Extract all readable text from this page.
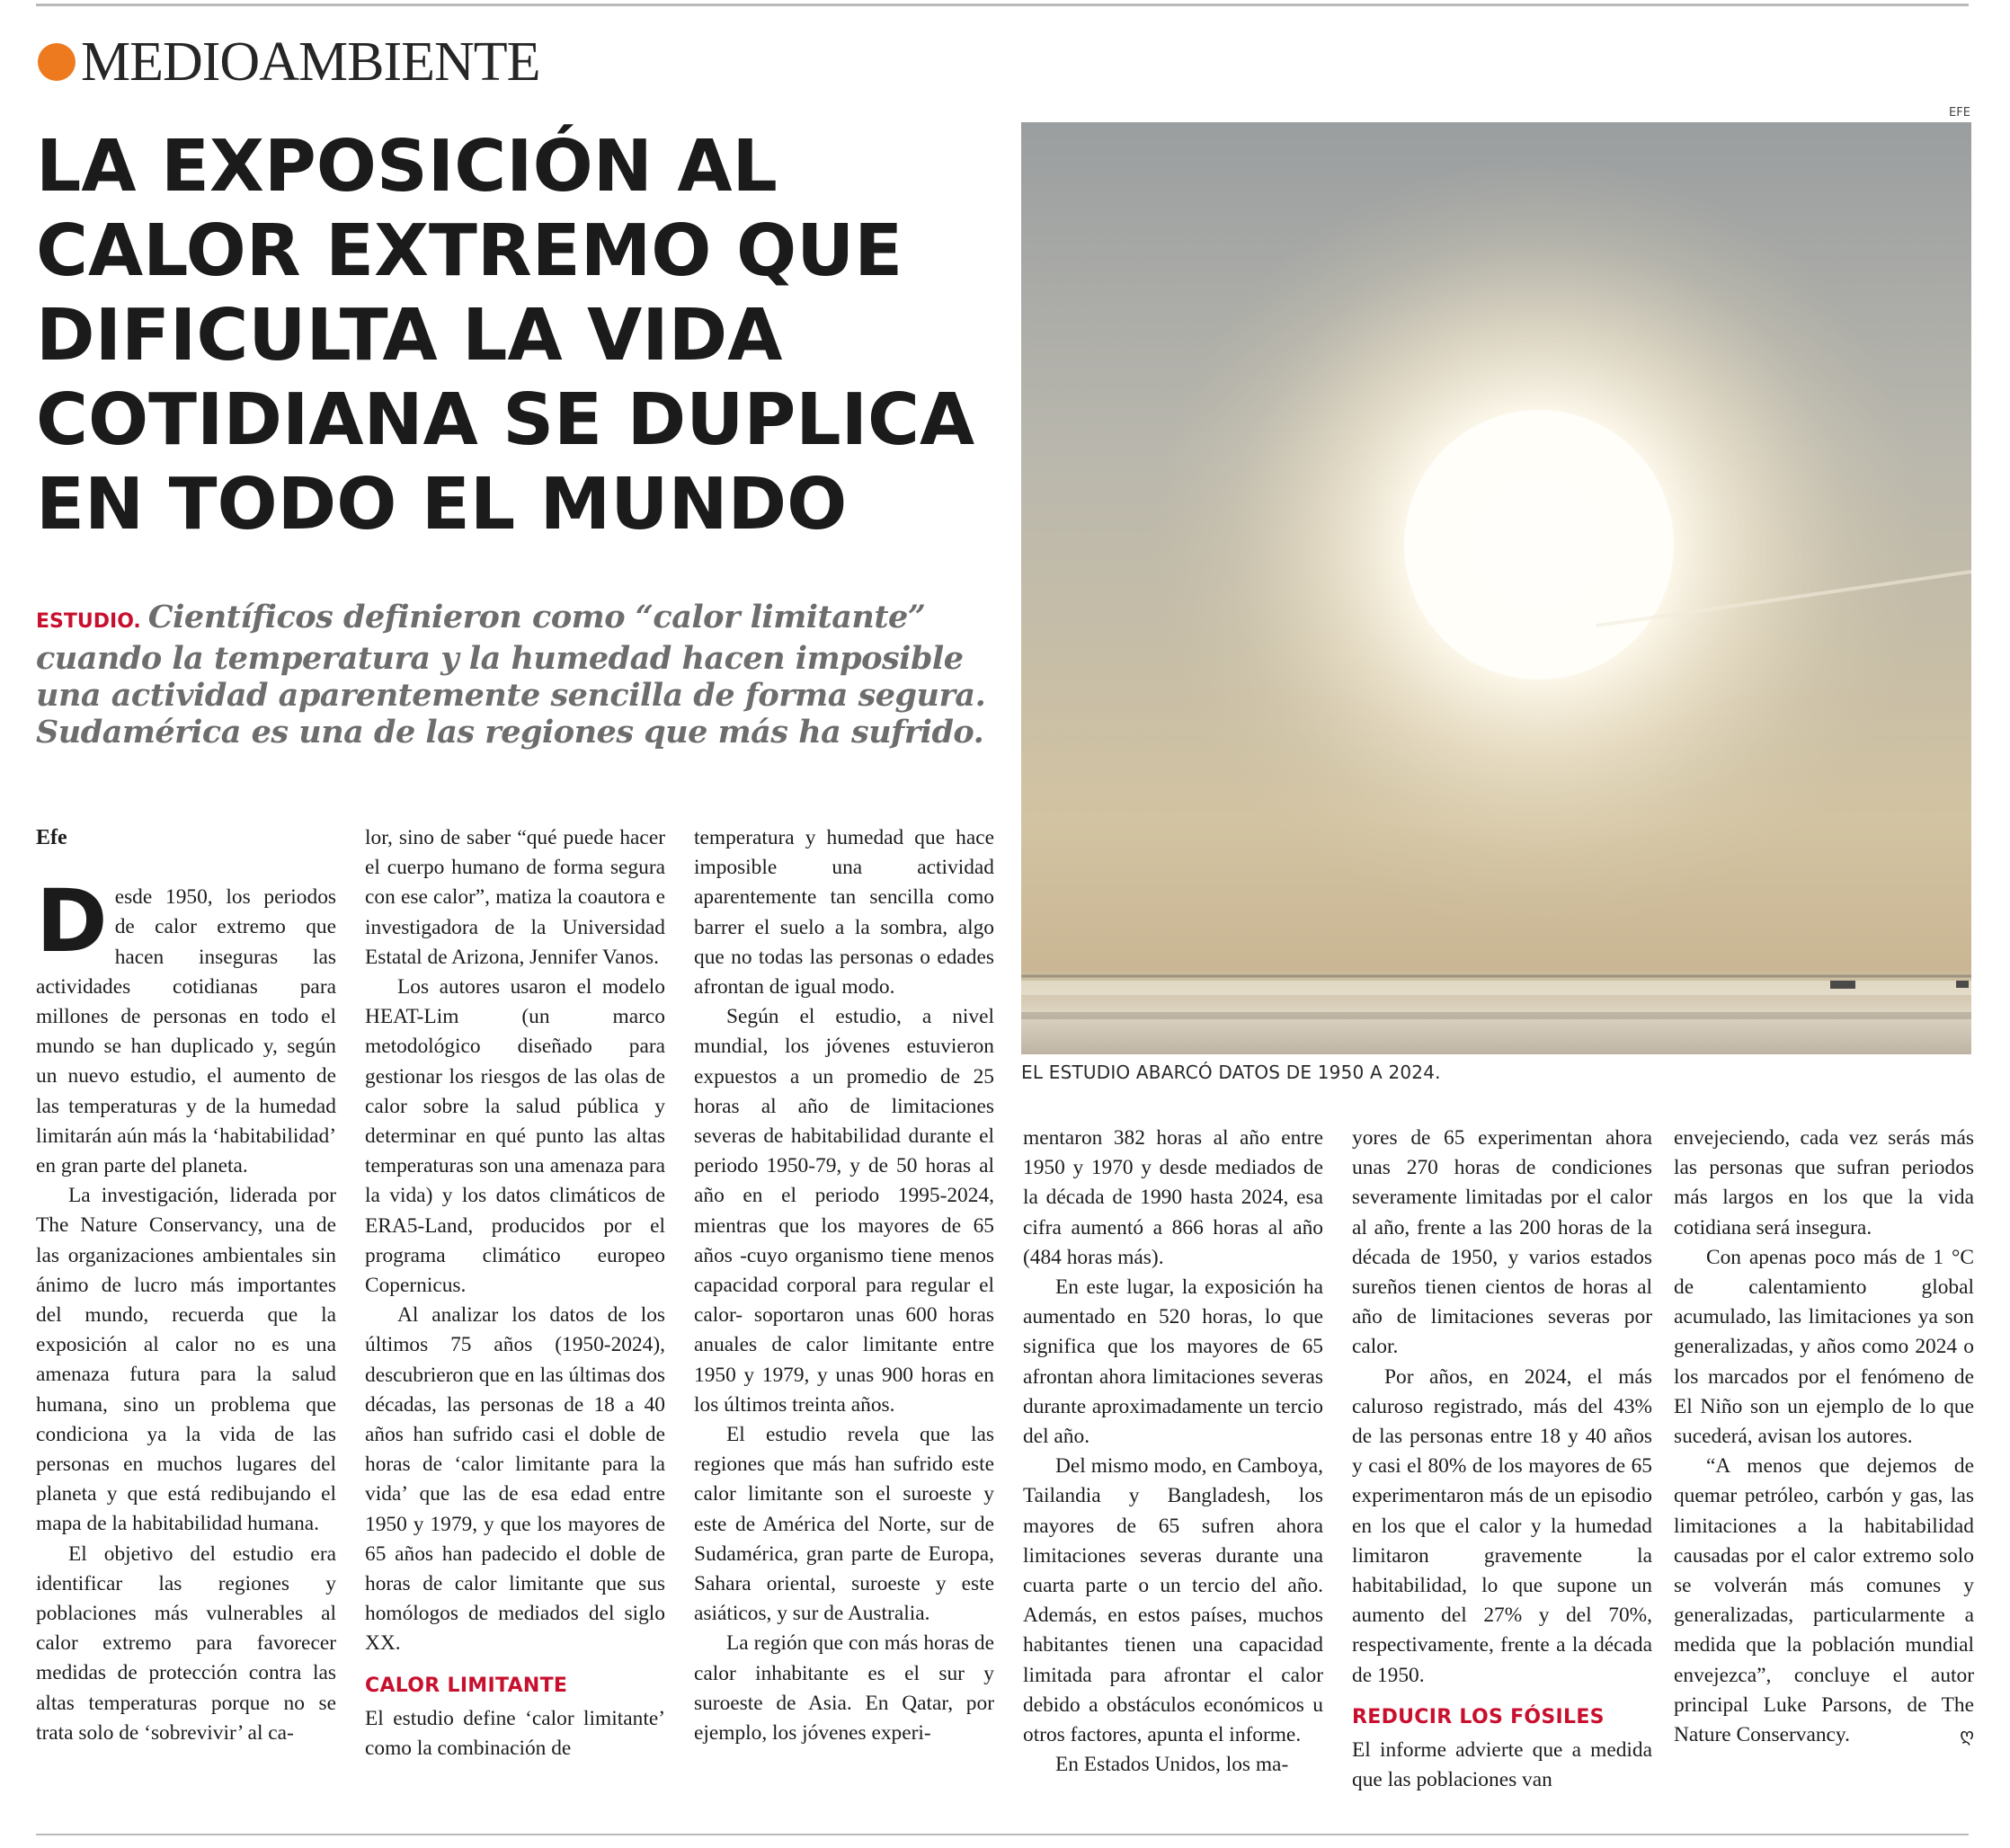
MEDIOAMBIENTE
LA EXPOSICIÓN AL CALOR EXTREMO QUE DIFICULTA LA VIDA COTIDIANA SE DUPLICA EN TODO EL MUNDO

ESTUDIO. Científicos definieron como “calor limitante” cuando la temperatura y la humedad hacen imposible una actividad aparentemente sencilla de forma segura. Sudamérica es una de las regiones que más ha sufrido.

EFE
EL ESTUDIO ABARCÓ DATOS DE 1950 A 2024.

Efe

Desde 1950, los periodos de calor extremo que hacen inseguras las actividades cotidianas para millones de personas en todo el mundo se han duplicado y, según un nuevo estudio, el aumento de las temperaturas y de la humedad limitarán aún más la ‘habitabilidad’ en gran parte del planeta.

La investigación, liderada por The Nature Conservancy, una de las organizaciones ambientales sin ánimo de lucro más importantes del mundo, recuerda que la exposición al calor no es una amenaza futura para la salud humana, sino un problema que condiciona ya la vida de las personas en muchos lugares del planeta y que está redibujando el mapa de la habitabilidad humana.

El objetivo del estudio era identificar las regiones y poblaciones más vulnerables al calor extremo para favorecer medidas de protección contra las altas temperaturas porque no se trata solo de ‘sobrevivir’ al ca-

lor, sino de saber “qué puede hacer el cuerpo humano de forma segura con ese calor”, matiza la coautora e investigadora de la Universidad Estatal de Arizona, Jennifer Vanos.

Los autores usaron el modelo HEAT-Lim (un marco metodológico diseñado para gestionar los riesgos de las olas de calor sobre la salud pública y determinar en qué punto las altas temperaturas son una amenaza para la vida) y los datos climáticos de ERA5-Land, producidos por el programa climático europeo Copernicus.

Al analizar los datos de los últimos 75 años (1950-2024), descubrieron que en las últimas dos décadas, las personas de 18 a 40 años han sufrido casi el doble de horas de ‘calor limitante para la vida’ que las de esa edad entre 1950 y 1979, y que los mayores de 65 años han padecido el doble de horas de calor limitante que sus homólogos de mediados del siglo XX.

CALOR LIMITANTE

El estudio define ‘calor limitante’ como la combinación de

temperatura y humedad que hace imposible una actividad aparentemente tan sencilla como barrer el suelo a la sombra, algo que no todas las personas o edades afrontan de igual modo.

Según el estudio, a nivel mundial, los jóvenes estuvieron expuestos a un promedio de 25 horas al año de limitaciones severas de habitabilidad durante el periodo 1950-79, y de 50 horas al año en el periodo 1995-2024, mientras que los mayores de 65 años -cuyo organismo tiene menos capacidad corporal para regular el calor- soportaron unas 600 horas anuales de calor limitante entre 1950 y 1979, y unas 900 horas en los últimos treinta años.

El estudio revela que las regiones que más han sufrido este calor limitante son el suroeste y este de América del Norte, sur de Sudamérica, gran parte de Europa, Sahara oriental, suroeste y este asiáticos, y sur de Australia.

La región que con más horas de calor inhabitante es el sur y suroeste de Asia. En Qatar, por ejemplo, los jóvenes experi-

mentaron 382 horas al año entre 1950 y 1970 y desde mediados de la década de 1990 hasta 2024, esa cifra aumentó a 866 horas al año (484 horas más).

En este lugar, la exposición ha aumentado en 520 horas, lo que significa que los mayores de 65 afrontan ahora limitaciones severas durante aproximadamente un tercio del año.

Del mismo modo, en Camboya, Tailandia y Bangladesh, los mayores de 65 sufren ahora limitaciones severas durante una cuarta parte o un tercio del año. Además, en estos países, muchos habitantes tienen una capacidad limitada para afrontar el calor debido a obstáculos económicos u otros factores, apunta el informe.

En Estados Unidos, los ma-

yores de 65 experimentan ahora unas 270 horas de condiciones severamente limitadas por el calor al año, frente a las 200 horas de la década de 1950, y varios estados sureños tienen cientos de horas al año de limitaciones severas por calor.

Por años, en 2024, el más caluroso registrado, más del 43% de las personas entre 18 y 40 años y casi el 80% de los mayores de 65 experimentaron más de un episodio en los que el calor y la humedad limitaron gravemente la habitabilidad, lo que supone un aumento del 27% y del 70%, respectivamente, frente a la década de 1950.

REDUCIR LOS FÓSILES

El informe advierte que a medida que las poblaciones van

envejeciendo, cada vez serás más las personas que sufran periodos más largos en los que la vida cotidiana será insegura.

Con apenas poco más de 1 °C de calentamiento global acumulado, las limitaciones ya son generalizadas, y años como 2024 o los marcados por el fenómeno de El Niño son un ejemplo de lo que sucederá, avisan los autores.

“A menos que dejemos de quemar petróleo, carbón y gas, las limitaciones a la habitabilidad causadas por el calor extremo solo se volverán más comunes y generalizadas, particularmente a medida que la población mundial envejezca”, concluye el autor principal Luke Parsons, de The Nature Conservancy.	ღ
